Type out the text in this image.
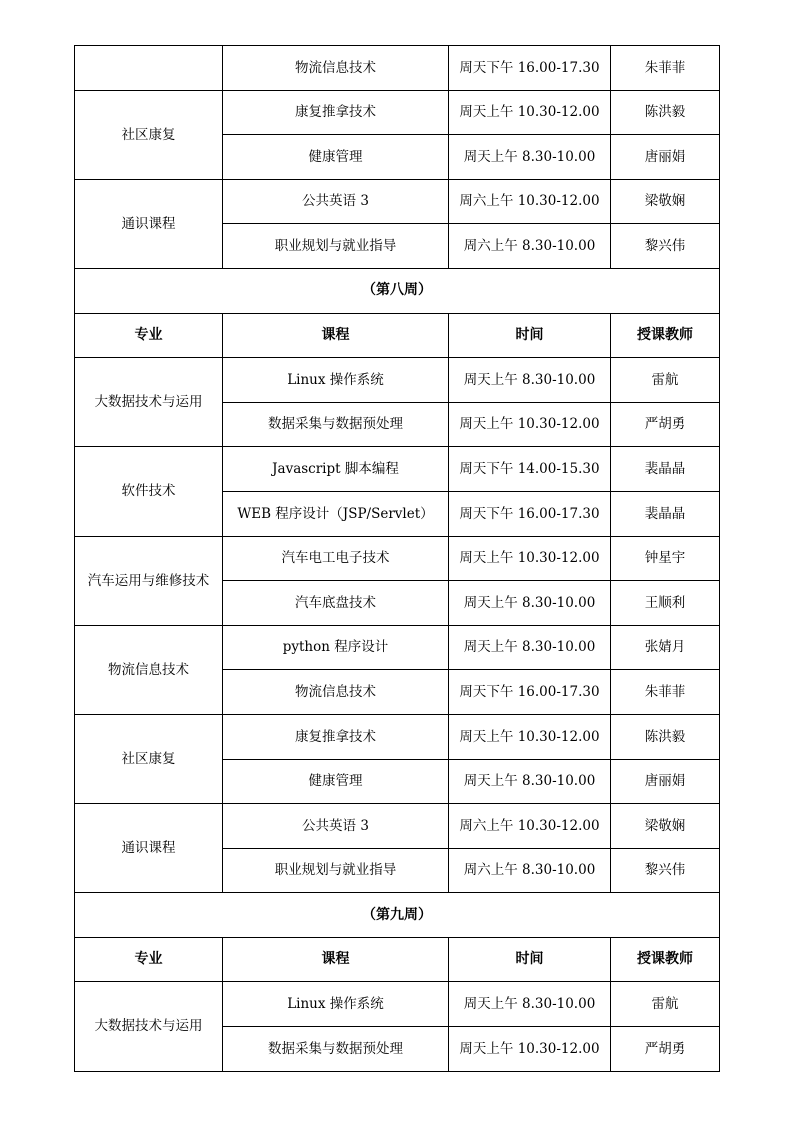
	物流信息技术	周天下午 16.00-17.30	朱菲菲
社区康复	康复推拿技术	周天上午 10.30-12.00	陈洪毅
	健康管理	周天上午 8.30-10.00	唐丽娟
通识课程	公共英语 3	周六上午 10.30-12.00	梁敬娴
	职业规划与就业指导	周六上午 8.30-10.00	黎兴伟
（第八周）			
专业	课程	时间	授课教师
大数据技术与运用	Linux 操作系统	周天上午 8.30-10.00	雷航
	数据采集与数据预处理	周天上午 10.30-12.00	严胡勇
软件技术	Javascript 脚本编程	周天下午 14.00-15.30	裴晶晶
	WEB 程序设计（JSP/Servlet）	周天下午 16.00-17.30	裴晶晶
汽车运用与维修技术	汽车电工电子技术	周天上午 10.30-12.00	钟星宇
	汽车底盘技术	周天上午 8.30-10.00	王顺利
物流信息技术	python 程序设计	周天上午 8.30-10.00	张婧月
	物流信息技术	周天下午 16.00-17.30	朱菲菲
社区康复	康复推拿技术	周天上午 10.30-12.00	陈洪毅
	健康管理	周天上午 8.30-10.00	唐丽娟
通识课程	公共英语 3	周六上午 10.30-12.00	梁敬娴
	职业规划与就业指导	周六上午 8.30-10.00	黎兴伟
（第九周）			
专业	课程	时间	授课教师
大数据技术与运用	Linux 操作系统	周天上午 8.30-10.00	雷航
	数据采集与数据预处理	周天上午 10.30-12.00	严胡勇
